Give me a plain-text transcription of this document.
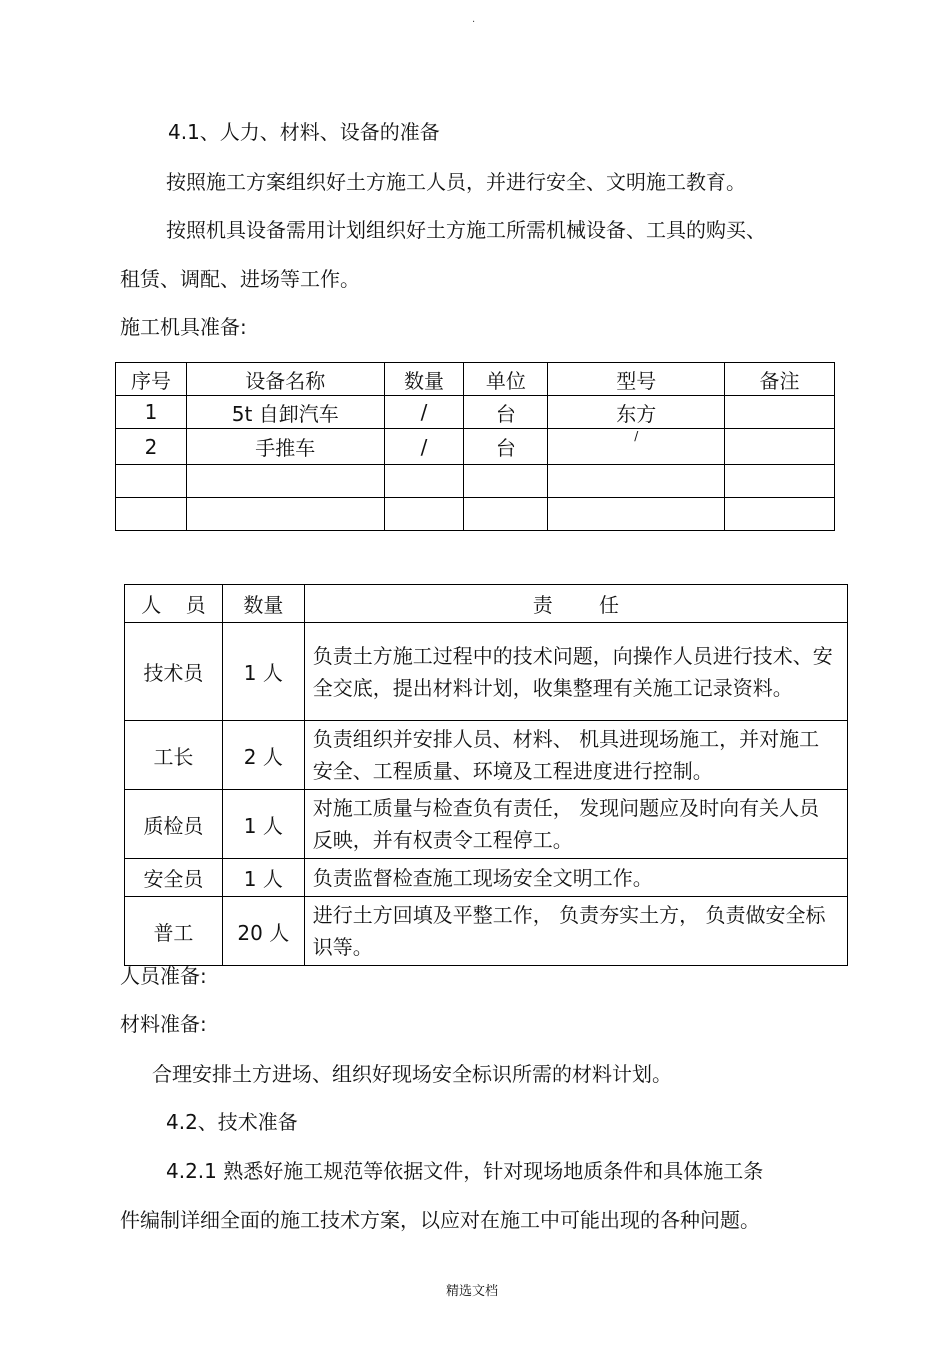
.
4.1、人力、材料、设备的准备
按照施工方案组织好土方施工人员，并进行安全、文明施工教育。
按照机具设备需用计划组织好土方施工所需机械设备、工具的购买、
租赁、调配、进场等工作。
施工机具准备:
序号	设备名称	数量	单位	型号	备注
1	5t 自卸汽车	/	台	东方	
2	手推车	/	台	/	

人 员	数量	责 任
技术员	1 人	负责土方施工过程中的技术问题，向操作人员进行技术、安全交底，提出材料计划，收集整理有关施工记录资料。
工长	2 人	负责组织并安排人员、材料、 机具进现场施工，并对施工安全、工程质量、环境及工程进度进行控制。
质检员	1 人	对施工质量与检查负有责任， 发现问题应及时向有关人员反映，并有权责令工程停工。
安全员	1 人	负责监督检查施工现场安全文明工作。
普工	20 人	进行土方回填及平整工作， 负责夯实土方， 负责做安全标识等。
人员准备:
材料准备:
合理安排土方进场、组织好现场安全标识所需的材料计划。
4.2、技术准备
4.2.1 熟悉好施工规范等依据文件，针对现场地质条件和具体施工条
件编制详细全面的施工技术方案，以应对在施工中可能出现的各种问题。
精选文档
